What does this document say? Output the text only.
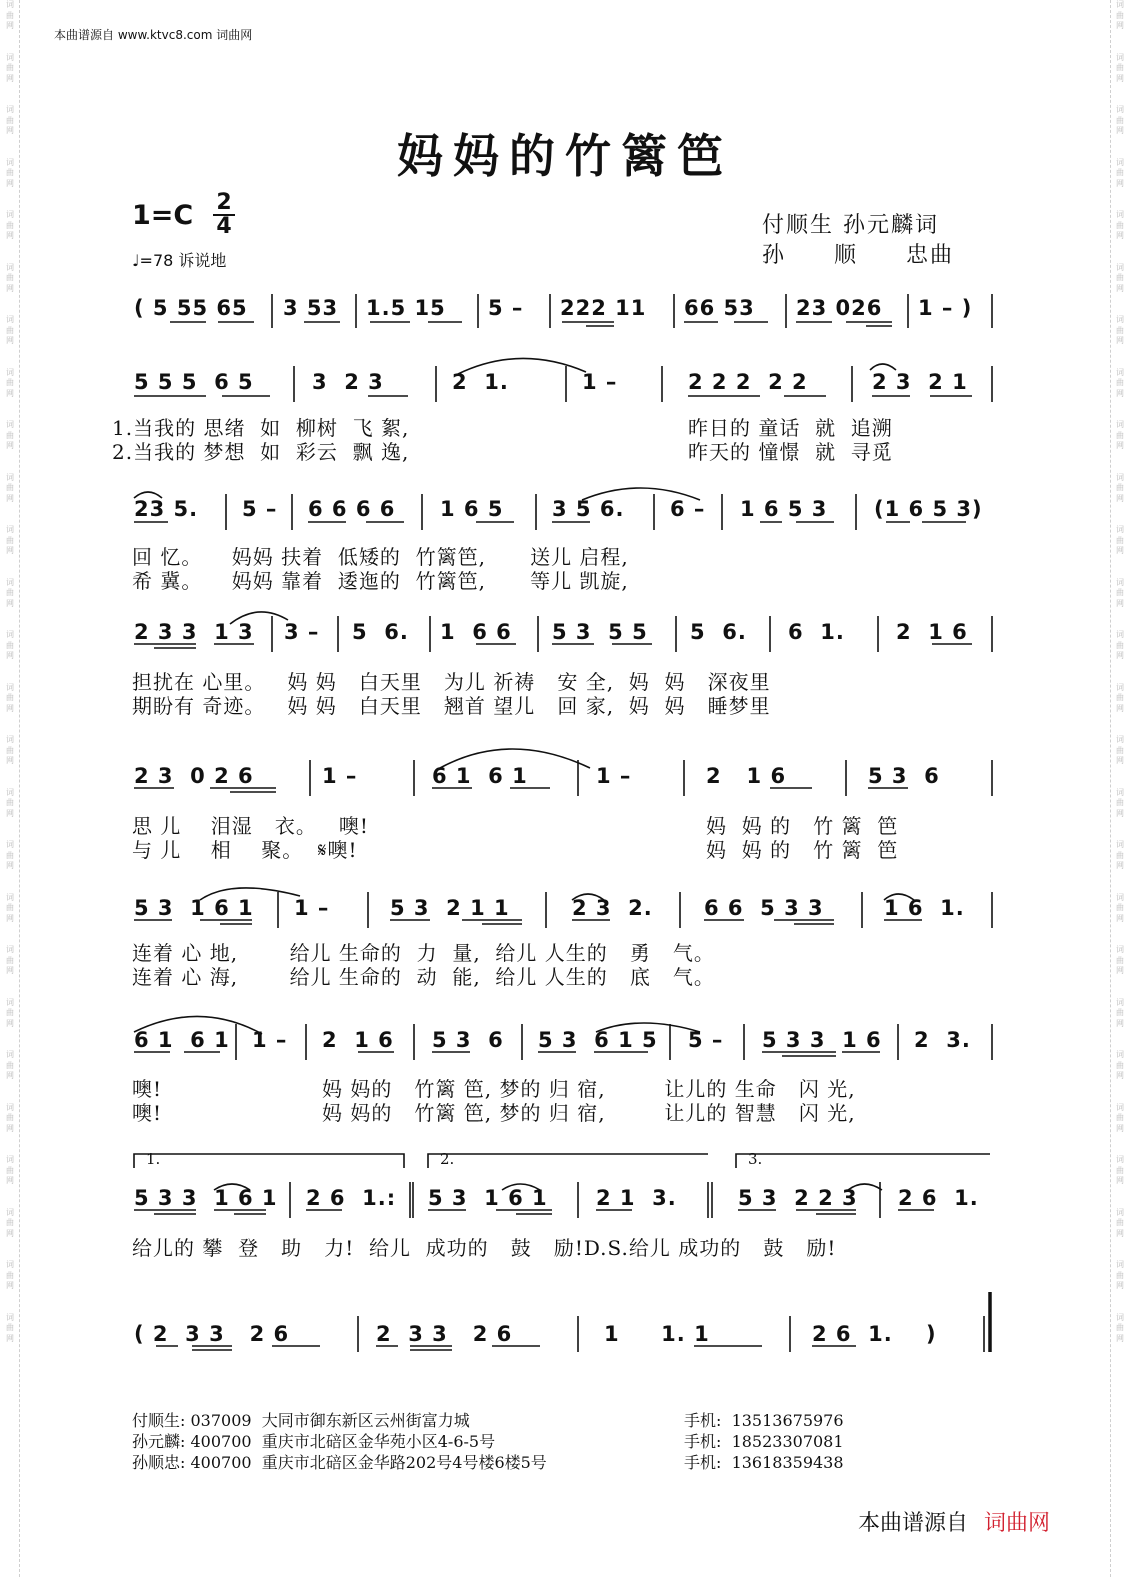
词
曲
网

词
曲
网

词
曲
网

词
曲
网

词
曲
网

词
曲
网

词
曲
网

词
曲
网

词
曲
网

词
曲
网

词
曲
网

词
曲
网

词
曲
网

词
曲
网

词
曲
网

词
曲
网

词
曲
网

词
曲
网

词
曲
网

词
曲
网

词
曲
网

词
曲
网

词
曲
网

词
曲
网

词
曲
网

词
曲
网

词
曲
网

词
曲
网

词
曲
网

词
曲
网

词
曲
网

词
曲
网

词
曲
网

词
曲
网

词
曲
网

词
曲
网

词
曲
网

词
曲
网

词
曲
网

词
曲
网

词
曲
网

词
曲
网

词
曲
网

词
曲
网

词
曲
网

词
曲
网

词
曲
网

词
曲
网

词
曲
网

词
曲
网

词
曲
网

词
曲
网

本曲谱源自 www.ktvc8.com 词曲网
妈妈的竹篱笆
1=C 2
4
♩=78 诉说地
付顺生 孙元麟词
孙　　顺　　忠曲
( 5 55 65 3 53 1.5 15 5 – 222 11 66 53 23 026 1 – )
5 5 5  6 5	3  2 3	2  1.	1 –	2 2 2  2 2	2 3  2 1
1.当我的 思绪  如  柳树  飞 絮,	昨日的 童话  就  追溯
2.当我的 梦想  如  彩云  飘 逸,	昨天的 憧憬  就  寻觅
23 5. 5 – 6 6 6 6 1 6 5 3 5 6. 6 – 1 6 5 3 (1 6 5 3)
回 忆。    妈妈 扶着  低矮的  竹篱笆,      送儿 启程,
希 冀。    妈妈 靠着  逶迤的  竹篱笆,      等儿 凯旋,
2 3 3  1 3 3 – 5  6. 1  6 6 5 3  5 5 5  6. 6  1. 2  1 6
担扰在 心里。   妈 妈   白天里   为儿 祈祷   安 全,  妈  妈   深夜里
期盼有 奇迹。   妈 妈   白天里   翘首 望儿   回 家,  妈  妈   睡梦里
2 3  0 2 6	1 –	6 1  6 1	1 –	2   1 6	5 3  6
思 儿    泪湿   衣。   噢!	妈  妈 的   竹 篱  笆
与 儿    相    聚。  𝄋噢!	妈  妈 的   竹 篱  笆
5 3  1 6 1 1 –	5 3  2 1 1	2 3  2. 6 6  5 3 3	1 6  1.
连着 心 地,       给儿 生命的  力  量,  给儿 人生的   勇   气。
连着 心 海,       给儿 生命的  动  能,  给儿 人生的   底   气。
6 1  6 1 1 – 2  1 6 5 3  6 5 3  6 1 5 5 – 5 3 3  1 6 2  3.
噢!	妈 妈的   竹篱 笆, 梦的 归 宿,        让儿的 生命   闪 光,
噢!	妈 妈的   竹篱 笆, 梦的 归 宿,        让儿的 智慧   闪 光,
5 3 3  1 6 1 2 6  1.: 5 3  1 6 1 2 1  3.	5 3  2 2 3 2 6  1.
给儿的 攀  登   助   力!  给儿  成功的   鼓   励!D.S.给儿 成功的   鼓   励!
( 2  3 3   2 6	2  3 3   2 6	1     1. 1	2 6  1.    )
1.	2.	3.
付顺生: 037009  大同市御东新区云州街富力城	手机:  13513675976
孙元麟: 400700  重庆市北碚区金华苑小区4-6-5号	手机:  18523307081
孙顺忠: 400700  重庆市北碚区金华路202号4号楼6楼5号	手机:  13618359438
本曲谱源自 词曲网
